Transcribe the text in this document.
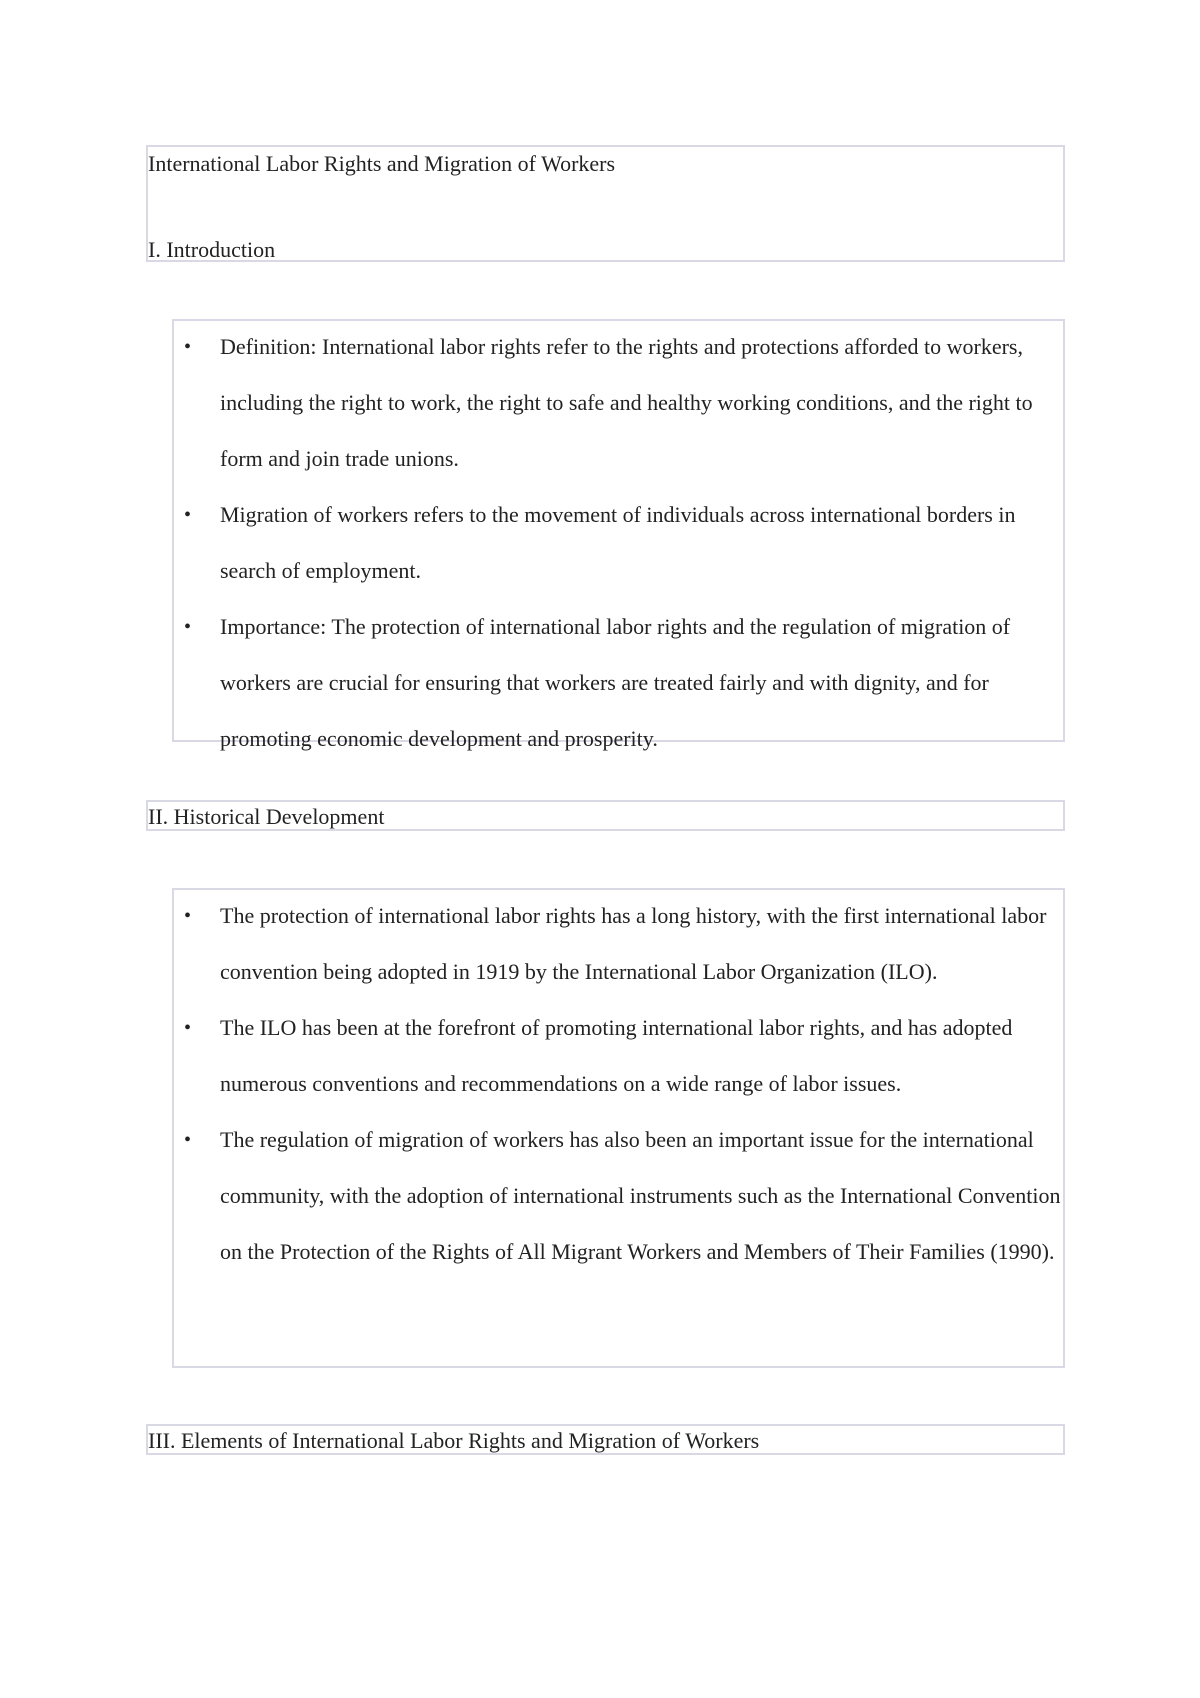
International Labor Rights and Migration of Workers
I. Introduction
• Definition: International labor rights refer to the rights and protections afforded to workers, including the right to work, the right to safe and healthy working conditions, and the right to form and join trade unions.
• Migration of workers refers to the movement of individuals across international borders in search of employment.
• Importance: The protection of international labor rights and the regulation of migration of workers are crucial for ensuring that workers are treated fairly and with dignity, and for promoting economic development and prosperity.
II. Historical Development
• The protection of international labor rights has a long history, with the first international labor convention being adopted in 1919 by the International Labor Organization (ILO).
• The ILO has been at the forefront of promoting international labor rights, and has adopted numerous conventions and recommendations on a wide range of labor issues.
• The regulation of migration of workers has also been an important issue for the international community, with the adoption of international instruments such as the International Convention on the Protection of the Rights of All Migrant Workers and Members of Their Families (1990).
III. Elements of International Labor Rights and Migration of Workers
